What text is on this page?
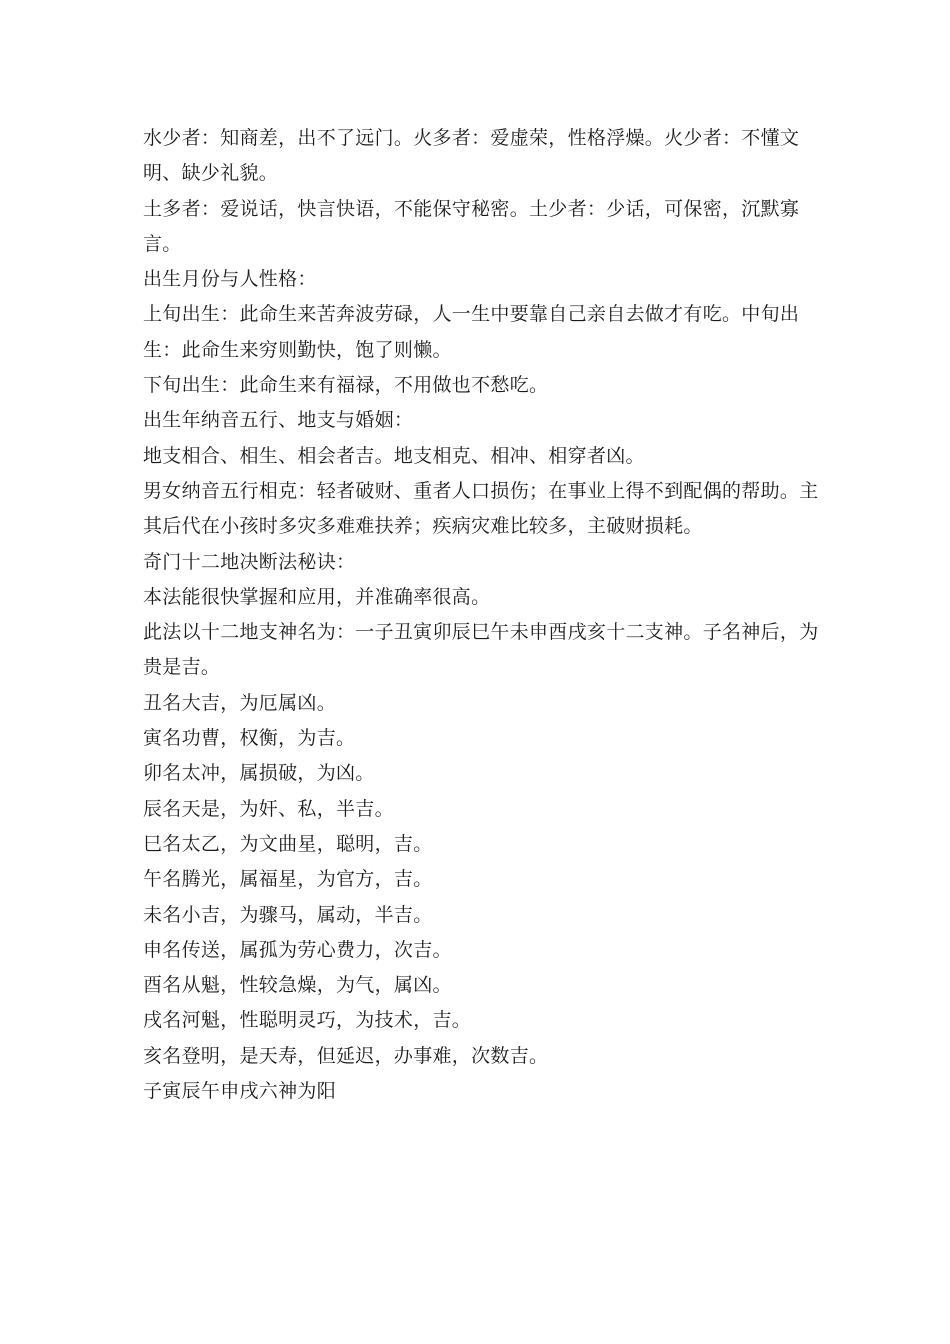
水少者：知商差，出不了远门。火多者：爱虚荣，性格浮燥。火少者：不懂文明、缺少礼貌。

土多者：爱说话，快言快语，不能保守秘密。土少者：少话，可保密，沉默寡言。

出生月份与人性格：

上旬出生：此命生来苦奔波劳碌，人一生中要靠自己亲自去做才有吃。中旬出生：此命生来穷则勤快，饱了则懒。

下旬出生：此命生来有福禄，不用做也不愁吃。

出生年纳音五行、地支与婚姻：

地支相合、相生、相会者吉。地支相克、相冲、相穿者凶。

男女纳音五行相克：轻者破财、重者人口损伤；在事业上得不到配偶的帮助。主其后代在小孩时多灾多难难扶养；疾病灾难比较多，主破财损耗。

奇门十二地决断法秘诀：

本法能很快掌握和应用，并准确率很高。

此法以十二地支神名为：一子丑寅卯辰巳午未申酉戌亥十二支神。子名神后，为贵是吉。

丑名大吉，为厄属凶。

寅名功曹，权衡，为吉。

卯名太冲，属损破，为凶。

辰名天是，为奸、私，半吉。

巳名太乙，为文曲星，聪明，吉。

午名腾光，属福星，为官方，吉。

未名小吉，为骤马，属动，半吉。

申名传送，属孤为劳心费力，次吉。

酉名从魁，性较急燥，为气，属凶。

戌名河魁，性聪明灵巧，为技术，吉。

亥名登明，是天寿，但延迟，办事难，次数吉。

子寅辰午申戌六神为阳
